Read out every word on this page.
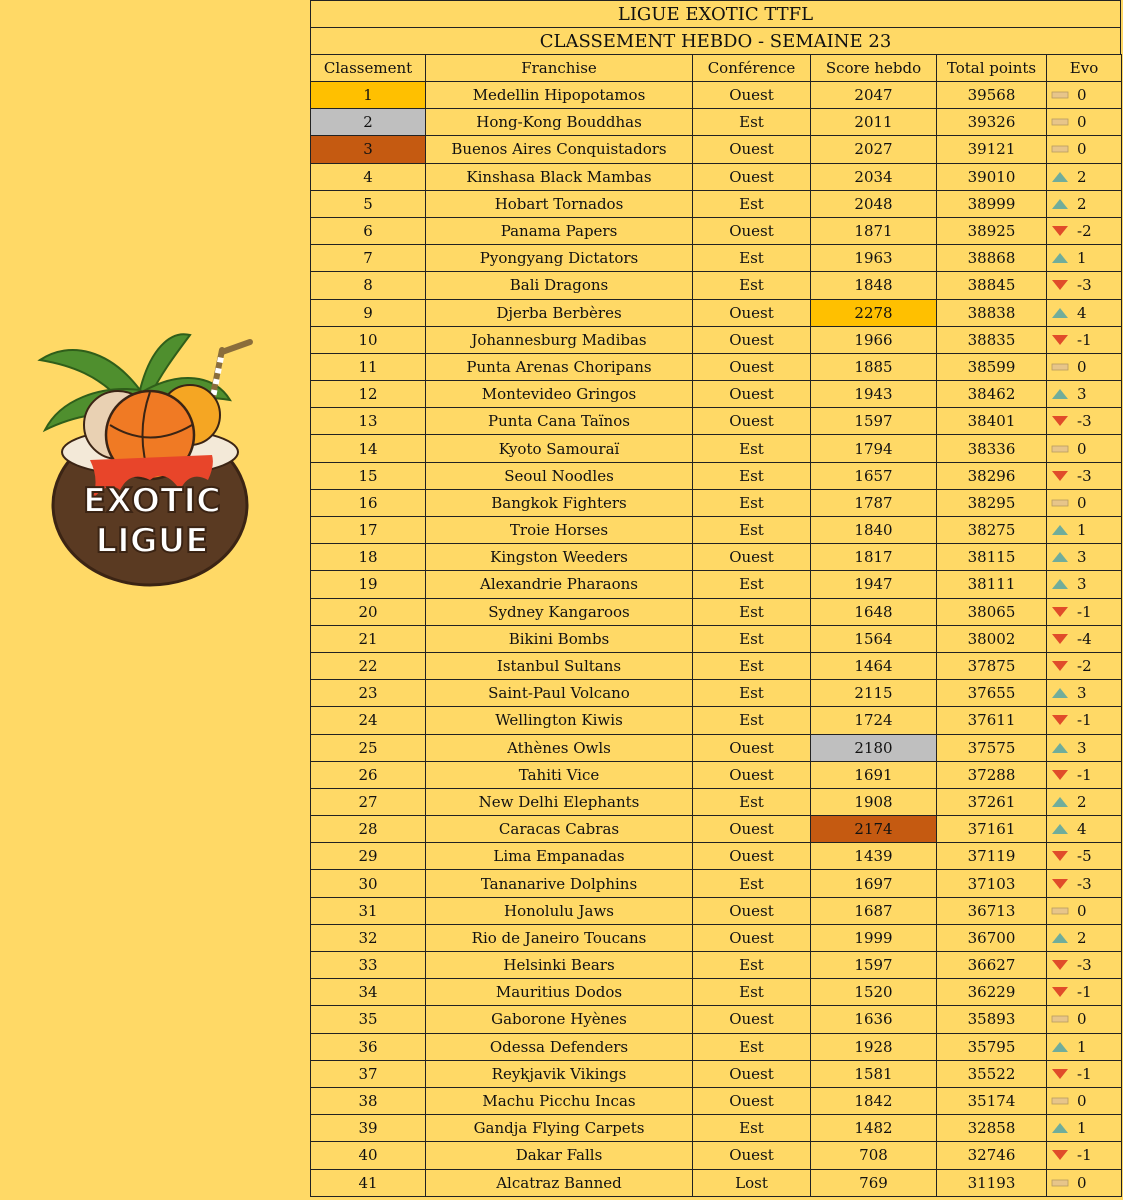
EXOTIC
LIGUE
LIGUE EXOTIC TTFL
CLASSEMENT HEBDO - SEMAINE 23
Classement	Franchise	Conférence	Score hebdo	Total points	Evo
1	Medellin Hipopotamos	Ouest	2047	39568	0

2	Hong-Kong Bouddhas	Est	2011	39326	0

3	Buenos Aires Conquistadors	Ouest	2027	39121	0

4	Kinshasa Black Mambas	Ouest	2034	39010	2

5	Hobart Tornados	Est	2048	38999	2

6	Panama Papers	Ouest	1871	38925	-2

7	Pyongyang Dictators	Est	1963	38868	1

8	Bali Dragons	Est	1848	38845	-3

9	Djerba Berbères	Ouest	2278	38838	4

10	Johannesburg Madibas	Ouest	1966	38835	-1

11	Punta Arenas Choripans	Ouest	1885	38599	0

12	Montevideo Gringos	Ouest	1943	38462	3

13	Punta Cana Taïnos	Ouest	1597	38401	-3

14	Kyoto Samouraï	Est	1794	38336	0

15	Seoul Noodles	Est	1657	38296	-3

16	Bangkok Fighters	Est	1787	38295	0

17	Troie Horses	Est	1840	38275	1

18	Kingston Weeders	Ouest	1817	38115	3

19	Alexandrie Pharaons	Est	1947	38111	3

20	Sydney Kangaroos	Est	1648	38065	-1

21	Bikini Bombs	Est	1564	38002	-4

22	Istanbul Sultans	Est	1464	37875	-2

23	Saint-Paul Volcano	Est	2115	37655	3

24	Wellington Kiwis	Est	1724	37611	-1

25	Athènes Owls	Ouest	2180	37575	3

26	Tahiti Vice	Ouest	1691	37288	-1

27	New Delhi Elephants	Est	1908	37261	2

28	Caracas Cabras	Ouest	2174	37161	4

29	Lima Empanadas	Ouest	1439	37119	-5

30	Tananarive Dolphins	Est	1697	37103	-3

31	Honolulu Jaws	Ouest	1687	36713	0

32	Rio de Janeiro Toucans	Ouest	1999	36700	2

33	Helsinki Bears	Est	1597	36627	-3

34	Mauritius Dodos	Est	1520	36229	-1

35	Gaborone Hyènes	Ouest	1636	35893	0

36	Odessa Defenders	Est	1928	35795	1

37	Reykjavik Vikings	Ouest	1581	35522	-1

38	Machu Picchu Incas	Ouest	1842	35174	0

39	Gandja Flying Carpets	Est	1482	32858	1

40	Dakar Falls	Ouest	708	32746	-1

41	Alcatraz Banned	Lost	769	31193	0
